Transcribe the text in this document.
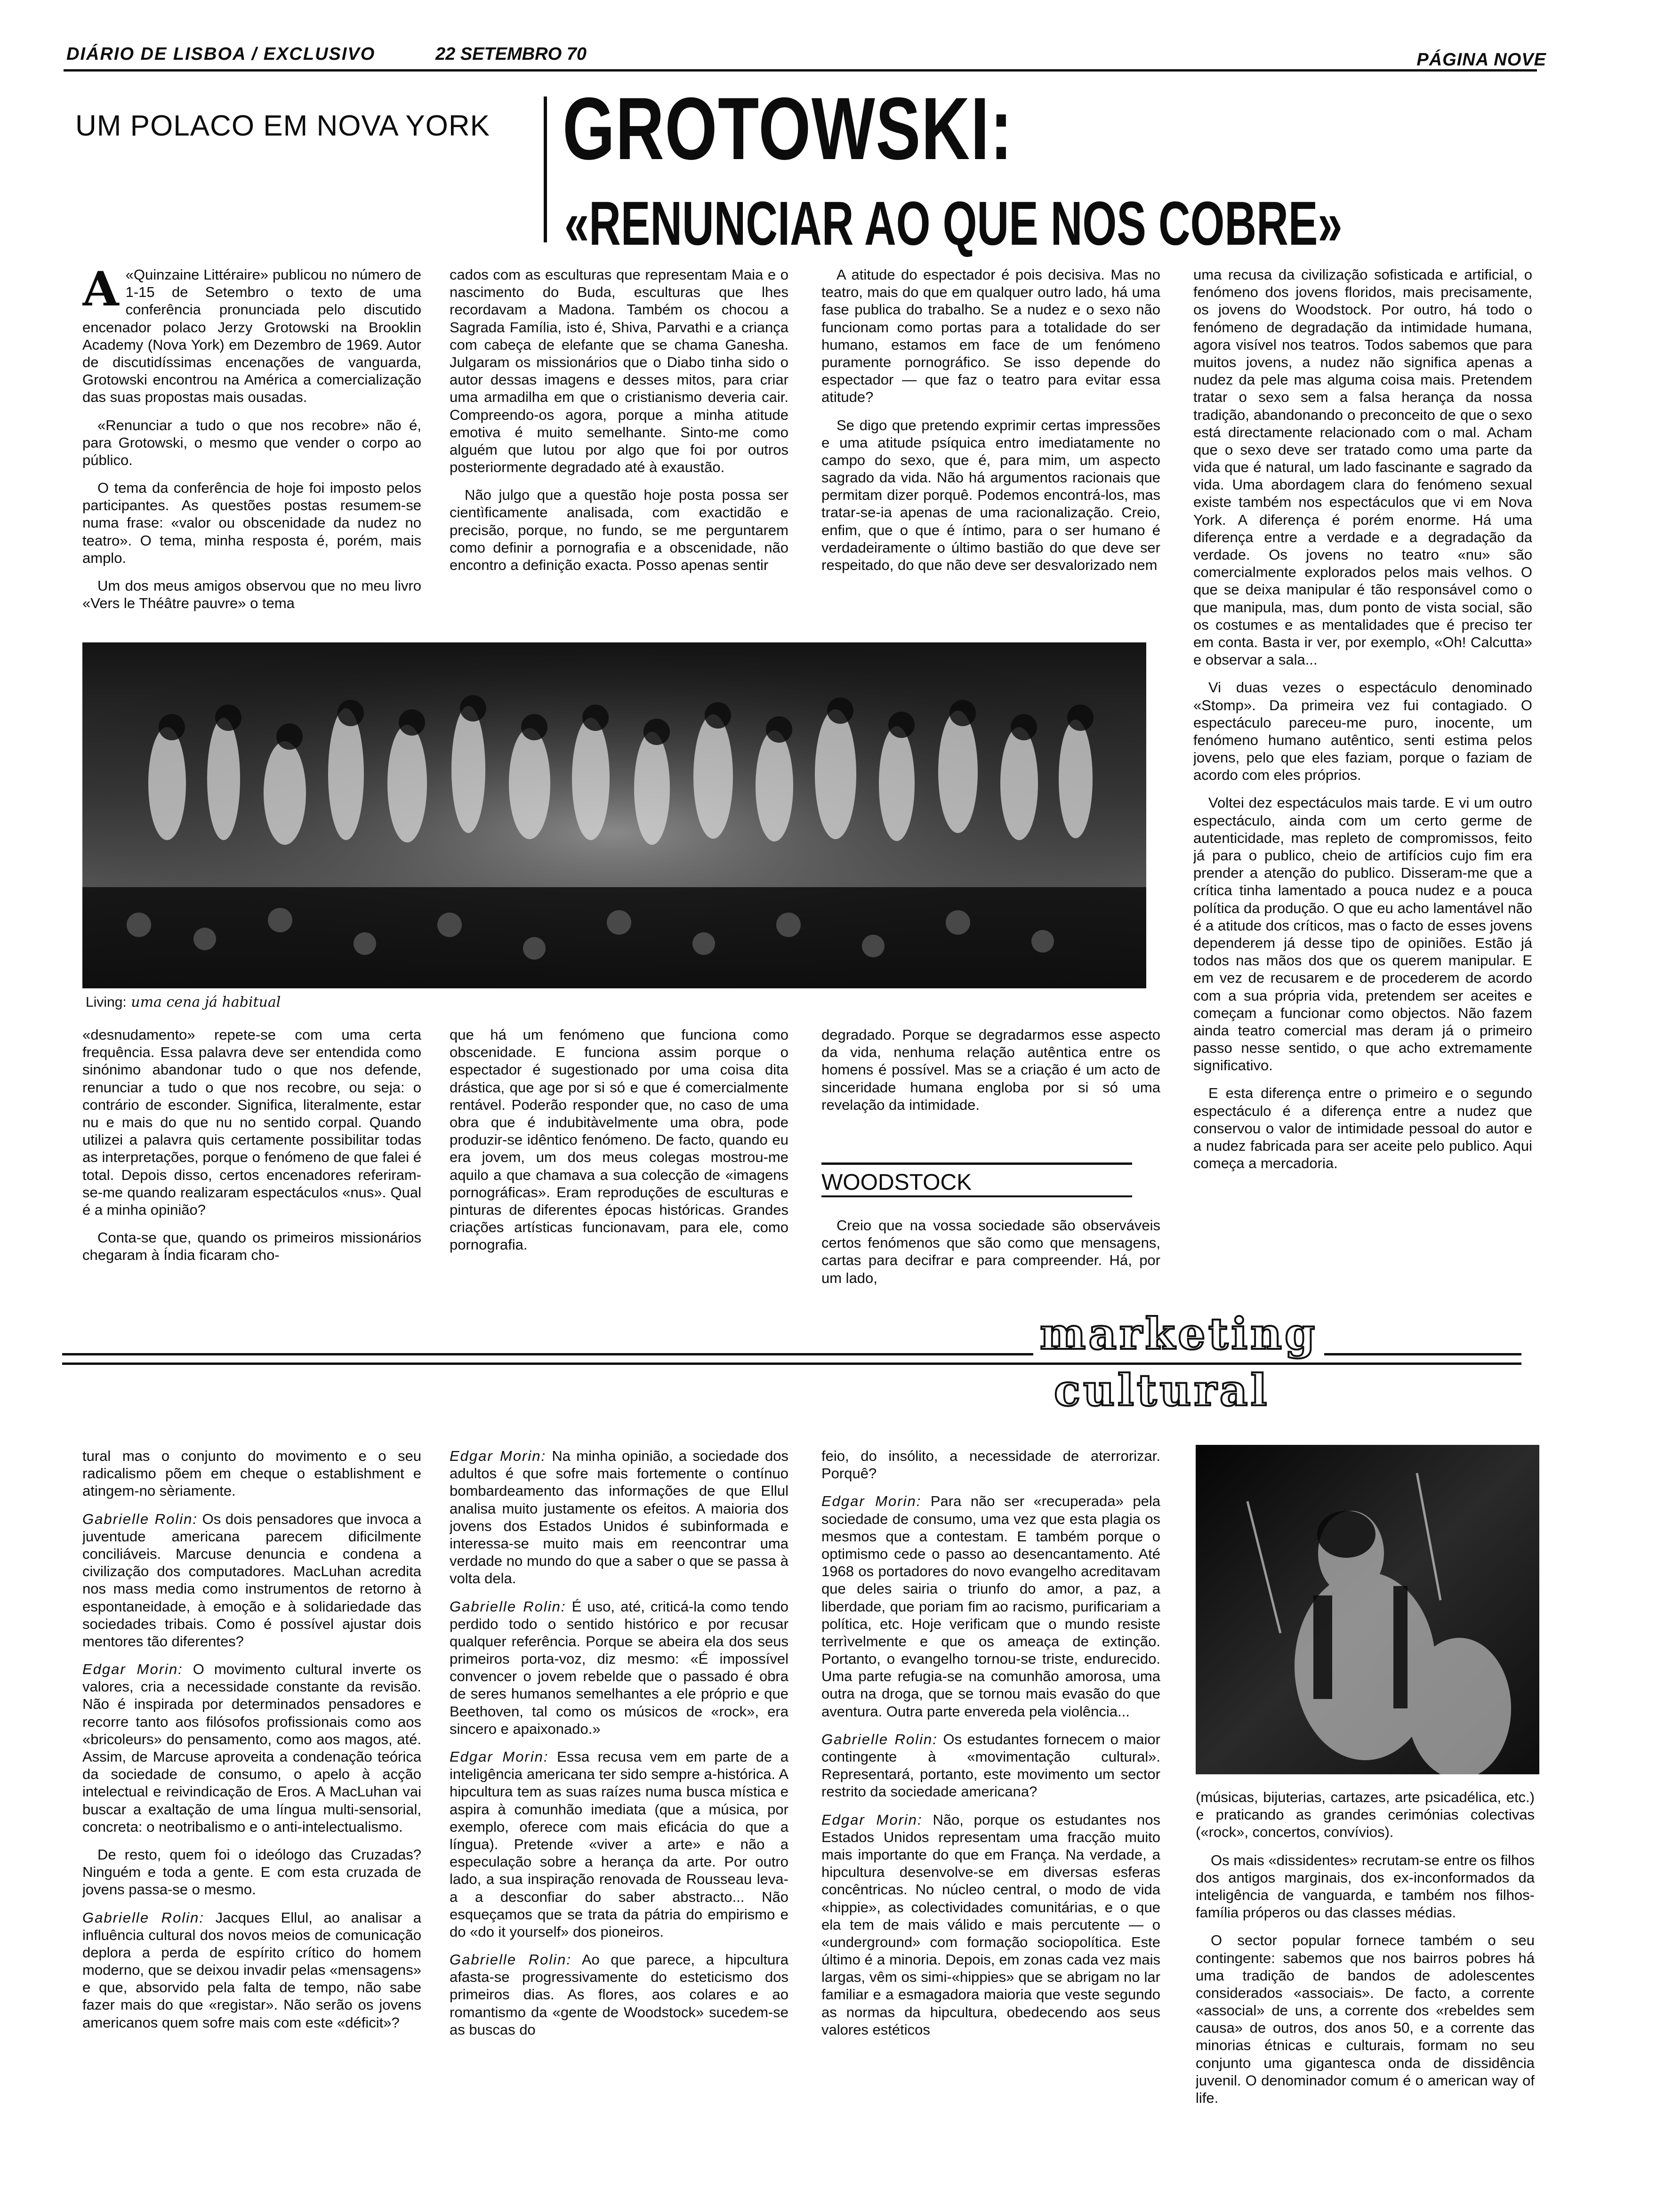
DIÁRIO DE LISBOA / EXCLUSIVO	22 SETEMBRO 70	PÁGINA NOVE
UM POLACO EM NOVA YORK GROTOWSKI:
«RENUNCIAR AO QUE NOS COBRE»

A «Quinzaine Littéraire» publicou no número de 1-15 de Setembro o texto de uma conferência pronunciada pelo discutido encenador polaco Jerzy Grotowski na Brooklin Academy (Nova York) em Dezembro de 1969. Autor de discutidíssimas encenações de vanguarda, Grotowski encontrou na América a comercialização das suas propostas mais ousadas.

«Renunciar a tudo o que nos recobre» não é, para Grotowski, o mesmo que vender o corpo ao público.

O tema da conferência de hoje foi imposto pelos participantes. As questões postas resumem-se numa frase: «valor ou obscenidade da nudez no teatro». O tema, minha resposta é, porém, mais amplo.

Um dos meus amigos observou que no meu livro «Vers le Théâtre pauvre» o tema

cados com as esculturas que representam Maia e o nascimento do Buda, esculturas que lhes recordavam a Madona. Também os chocou a Sagrada Família, isto é, Shiva, Parvathi e a criança com cabeça de elefante que se chama Ganesha. Julgaram os missionários que o Diabo tinha sido o autor dessas imagens e desses mitos, para criar uma armadilha em que o cristianismo deveria cair. Compreendo-os agora, porque a minha atitude emotiva é muito semelhante. Sinto-me como alguém que lutou por algo que foi por outros posteriormente degradado até à exaustão.

Não julgo que a questão hoje posta possa ser cientìficamente analisada, com exactidão e precisão, porque, no fundo, se me perguntarem como definir a pornografia e a obscenidade, não encontro a definição exacta. Posso apenas sentir

A atitude do espectador é pois decisiva. Mas no teatro, mais do que em qualquer outro lado, há uma fase publica do trabalho. Se a nudez e o sexo não funcionam como portas para a totalidade do ser humano, estamos em face de um fenómeno puramente pornográfico. Se isso depende do espectador — que faz o teatro para evitar essa atitude?

Se digo que pretendo exprimir certas impressões e uma atitude psíquica entro imediatamente no campo do sexo, que é, para mim, um aspecto sagrado da vida. Não há argumentos racionais que permitam dizer porquê. Podemos encontrá-los, mas tratar-se-ia apenas de uma racionalização. Creio, enfim, que o que é íntimo, para o ser humano é verdadeiramente o último bastião do que deve ser respeitado, do que não deve ser desvalorizado nem

uma recusa da civilização sofisticada e artificial, o fenómeno dos jovens floridos, mais precisamente, os jovens do Woodstock. Por outro, há todo o fenómeno de degradação da intimidade humana, agora visível nos teatros. Todos sabemos que para muitos jovens, a nudez não significa apenas a nudez da pele mas alguma coisa mais. Pretendem tratar o sexo sem a falsa herança da nossa tradição, abandonando o preconceito de que o sexo está directamente relacionado com o mal. Acham que o sexo deve ser tratado como uma parte da vida que é natural, um lado fascinante e sagrado da vida. Uma abordagem clara do fenómeno sexual existe também nos espectáculos que vi em Nova York. A diferença é porém enorme. Há uma diferença entre a verdade e a degradação da verdade. Os jovens no teatro «nu» são comercialmente explorados pelos mais velhos. O que se deixa manipular é tão responsável como o que manipula, mas, dum ponto de vista social, são os costumes e as mentalidades que é preciso ter em conta. Basta ir ver, por exemplo, «Oh! Calcutta» e observar a sala...

Vi duas vezes o espectáculo denominado «Stomp». Da primeira vez fui contagiado. O espectáculo pareceu-me puro, inocente, um fenómeno humano autêntico, senti estima pelos jovens, pelo que eles faziam, porque o faziam de acordo com eles próprios.

Voltei dez espectáculos mais tarde. E vi um outro espectáculo, ainda com um certo germe de autenticidade, mas repleto de compromissos, feito já para o publico, cheio de artifícios cujo fim era prender a atenção do publico. Disseram-me que a crítica tinha lamentado a pouca nudez e a pouca política da produção. O que eu acho lamentável não é a atitude dos críticos, mas o facto de esses jovens dependerem já desse tipo de opiniões. Estão já todos nas mãos dos que os querem manipular. E em vez de recusarem e de procederem de acordo com a sua própria vida, pretendem ser aceites e começam a funcionar como objectos. Não fazem ainda teatro comercial mas deram já o primeiro passo nesse sentido, o que acho extremamente significativo.

E esta diferença entre o primeiro e o segundo espectáculo é a diferença entre a nudez que conservou o valor de intimidade pessoal do autor e a nudez fabricada para ser aceite pelo publico. Aqui começa a mercadoria.

Living: uma cena já habitual

«desnudamento» repete-se com uma certa frequência. Essa palavra deve ser entendida como sinónimo abandonar tudo o que nos defende, renunciar a tudo o que nos recobre, ou seja: o contrário de esconder. Significa, literalmente, estar nu e mais do que nu no sentido corpal. Quando utilizei a palavra quis certamente possibilitar todas as interpretações, porque o fenómeno de que falei é total. Depois disso, certos encenadores referiram-se-me quando realizaram espectáculos «nus». Qual é a minha opinião?

Conta-se que, quando os primeiros missionários chegaram à Índia ficaram cho-

que há um fenómeno que funciona como obscenidade. E funciona assim porque o espectador é sugestionado por uma coisa dita drástica, que age por si só e que é comercialmente rentável. Poderão responder que, no caso de uma obra que é indubitàvelmente uma obra, pode produzir-se idêntico fenómeno. De facto, quando eu era jovem, um dos meus colegas mostrou-me aquilo a que chamava a sua colecção de «imagens pornográficas». Eram reproduções de esculturas e pinturas de diferentes épocas históricas. Grandes criações artísticas funcionavam, para ele, como pornografia.

degradado. Porque se degradarmos esse aspecto da vida, nenhuma relação autêntica entre os homens é possível. Mas se a criação é um acto de sinceridade humana engloba por si só uma revelação da intimidade.

WOODSTOCK

Creio que na vossa sociedade são observáveis certos fenómenos que são como que mensagens, cartas para decifrar e para compreender. Há, por um lado,

marketing
cultural

tural mas o conjunto do movimento e o seu radicalismo põem em cheque o establishment e atingem-no sèriamente.

Gabrielle Rolin: Os dois pensadores que invoca a juventude americana parecem dificilmente conciliáveis. Marcuse denuncia e condena a civilização dos computadores. MacLuhan acredita nos mass media como instrumentos de retorno à espontaneidade, à emoção e à solidariedade das sociedades tribais. Como é possível ajustar dois mentores tão diferentes?

Edgar Morin: O movimento cultural inverte os valores, cria a necessidade constante da revisão. Não é inspirada por determinados pensadores e recorre tanto aos filósofos profissionais como aos «bricoleurs» do pensamento, como aos magos, até. Assim, de Marcuse aproveita a condenação teórica da sociedade de consumo, o apelo à acção intelectual e reivindicação de Eros. A MacLuhan vai buscar a exaltação de uma língua multi-sensorial, concreta: o neotribalismo e o anti-intelectualismo.

De resto, quem foi o ideólogo das Cruzadas? Ninguém e toda a gente. E com esta cruzada de jovens passa-se o mesmo.

Gabrielle Rolin: Jacques Ellul, ao analisar a influência cultural dos novos meios de comunicação deplora a perda de espírito crítico do homem moderno, que se deixou invadir pelas «mensagens» e que, absorvido pela falta de tempo, não sabe fazer mais do que «registar». Não serão os jovens americanos quem sofre mais com este «déficit»?

Edgar Morin: Na minha opinião, a sociedade dos adultos é que sofre mais fortemente o contínuo bombardeamento das informações de que Ellul analisa muito justamente os efeitos. A maioria dos jovens dos Estados Unidos é subinformada e interessa-se muito mais em reencontrar uma verdade no mundo do que a saber o que se passa à volta dela.

Gabrielle Rolin: É uso, até, criticá-la como tendo perdido todo o sentido histórico e por recusar qualquer referência. Porque se abeira ela dos seus primeiros porta-voz, diz mesmo: «É impossível convencer o jovem rebelde que o passado é obra de seres humanos semelhantes a ele próprio e que Beethoven, tal como os músicos de «rock», era sincero e apaixonado.»

Edgar Morin: Essa recusa vem em parte de a inteligência americana ter sido sempre a-histórica. A hipcultura tem as suas raízes numa busca mística e aspira à comunhão imediata (que a música, por exemplo, oferece com mais eficácia do que a língua). Pretende «viver a arte» e não a especulação sobre a herança da arte. Por outro lado, a sua inspiração renovada de Rousseau leva-a a desconfiar do saber abstracto... Não esqueçamos que se trata da pátria do empirismo e do «do it yourself» dos pioneiros.

Gabrielle Rolin: Ao que parece, a hipcultura afasta-se progressivamente do esteticismo dos primeiros dias. As flores, aos colares e ao romantismo da «gente de Woodstock» sucedem-se as buscas do

feio, do insólito, a necessidade de aterrorizar. Porquê?

Edgar Morin: Para não ser «recuperada» pela sociedade de consumo, uma vez que esta plagia os mesmos que a contestam. E também porque o optimismo cede o passo ao desencantamento. Até 1968 os portadores do novo evangelho acreditavam que deles sairia o triunfo do amor, a paz, a liberdade, que poriam fim ao racismo, purificariam a política, etc. Hoje verificam que o mundo resiste terrìvelmente e que os ameaça de extinção. Portanto, o evangelho tornou-se triste, endurecido. Uma parte refugia-se na comunhão amorosa, uma outra na droga, que se tornou mais evasão do que aventura. Outra parte envereda pela violência...

Gabrielle Rolin: Os estudantes fornecem o maior contingente à «movimentação cultural». Representará, portanto, este movimento um sector restrito da sociedade americana?

Edgar Morin: Não, porque os estudantes nos Estados Unidos representam uma fracção muito mais importante do que em França. Na verdade, a hipcultura desenvolve-se em diversas esferas concêntricas. No núcleo central, o modo de vida «hippie», as colectividades comunitárias, e o que ela tem de mais válido e mais percutente — o «underground» com formação sociopolítica. Este último é a minoria. Depois, em zonas cada vez mais largas, vêm os simi-«hippies» que se abrigam no lar familiar e a esmagadora maioria que veste segundo as normas da hipcultura, obedecendo aos seus valores estéticos

(músicas, bijuterias, cartazes, arte psicadélica, etc.) e praticando as grandes cerimónias colectivas («rock», concertos, convívios).

Os mais «dissidentes» recrutam-se entre os filhos dos antigos marginais, dos ex-inconformados da inteligência de vanguarda, e também nos filhos-família próperos ou das classes médias.

O sector popular fornece também o seu contingente: sabemos que nos bairros pobres há uma tradição de bandos de adolescentes considerados «associais». De facto, a corrente «associal» de uns, a corrente dos «rebeldes sem causa» de outros, dos anos 50, e a corrente das minorias étnicas e culturais, formam no seu conjunto uma gigantesca onda de dissidência juvenil. O denominador comum é o american way of life.
